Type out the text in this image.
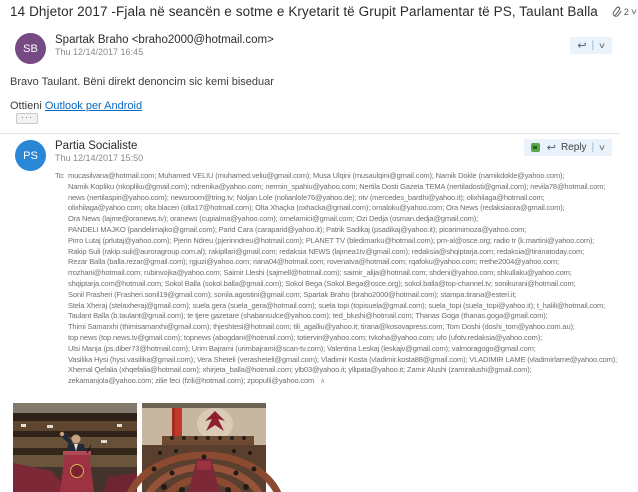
14 Dhjetor 2017 -Fjala në seancën e sotme e Kryetarit të Grupit Parlamentar të PS, Taulant Balla	2 ∨
SB
Spartak Braho <braho2000@hotmail.com>
Thu 12/14/2017 16:45
↩ | ∨
Bravo Taulant. Bëni direkt denoncim sic kemi biseduar
Ottieni Outlook per Android
···
PS
Partia Socialiste
Thu 12/14/2017 15:50
↩ Reply | ∨
To: mucasilvana@hotmail.com; Muhamed VELIU (muhamed.veliu@gmail.com); Musa Ulqini (musaulqini@gmail.com); Namik Dokle (namikdokle@yahoo.com);
Namik Kopliku (nkopliku@gmail.com); ndrenika@yahoo.com; nermin_spahiu@yahoo.com; Nertila Dosti Gazeta TEMA (nertiladosti@gmail.com); nevila78@hotmail.com;
news (nertilaspiri@yahoo.com); newsroom@tring.tv; Noljan Lole (nolianlole76@yahoo.de); ntv (mercedes_bardhi@yahoo.it); olixhilaga@hotmail.com;
olixhilaga@yahoo.com; olta blaceri (olta17@hotmail.com); Olta Xhaçka (oxhacka@gmail.com); omaloku@yahoo.com; Ora News (redaksiaora@gmail.com);
Ora News (lajme@oranews.tv); oranews (cupialma@yahoo.com); ornelamici@gmail.com; Ozi Dedja (osman.dedja@gmail.com);
PANDELI MAJKO (pandelimajko@gmail.com); Parid Cara (caraparid@yahoo.it); Patrik Sadikaj (psadikaj@yahoo.it); picarimimoza@yahoo.com;
Pirro Lutaj (prlutaj@yahoo.com); Pjerin Ndreu (pjerinndreu@hotmail.com); PLANET TV (bledimarku@hotmail.com); pm-al@osce.org; radio tr (k.martini@yahoo.com);
Rakip Suli (rakip.suli@auroragroup.com.al); rakipllari@gmail.com; redaksia NEWS (lajmea1tv@gmail.com); redaksia@shqiptarja.com; redaksia@tiranatoday.com;
Rezar Balla (balla.rezar@gmail.com); rgjuzi@yahoo.com; riana04@hotmail.com; rovenatva@hotmail.com; rqafoku@yahoo.com; rrethe2004@yahoo.com;
rrozhani@hotmail.com; rubinvojka@yahoo.com; Saimir Lleshi (sajmell@hotmail.com); saimir_alija@hotmail.com; shdeni@yahoo.com; shkullaku@yahoo.com;
shqiptarja.com@hotmail.com; Sokol Balla (sokol.balla@gmail.com); Sokol Bega (Sokol.Bega@osce.org); sokol.balla@top-channel.tv; sonikurani@hotmail.com;
Sonil Frasheri (Frasheri.sonil19@gmail.com); sonila.agostini@gmail.com; Spartak Braho (braho2000@hotmail.com); stampa.tirana@esteri.it;
Stela Xheraj (stelaxheraj@gmail.com); suela gera (suela_gera@hotmail.com); suela topi (topisuela@gmail.com); suela_topi (suela_topi@yahoo.it); t_halili@hotmail.com;
Taulant Balla (b.taulant@gmail.com); te tjere gazetare (shabansulce@yahoo.com); ted_blushi@hotmail.com; Thanas Goga (thanas.goga@gmail.com);
Thimi Samarxhi (thimisamarxhi@gmail.com); thjeshtesi@hotmail.com; tili_agalliu@yahoo.it; tirana@kosovapress.com; Tom Doshi (doshi_tom@yahoo.com.au);
top news (top.news.tv@gmail.com); topnews (abogdani@hotmail.com); totiervin@yahoo.com; tvkoha@yahoo.com; ufo (ufotv.redaksia@yahoo.com);
Ulsi Manja (ps.diber73@hotmail.com); Urim Bajrami (urimbajrami@scan-tv.com); Valentina Leskaj (leskajv@gmail.com); valmoragogo@gmail.com;
Vasilika Hysi (hysi.vasilika@gmail.com); Vera Sheteli (verasheteli@gmail.com); Vladimir Kosta (vladimir.kosta88@gmail.com); VLADIMIR LAME (vladimirlame@yahoo.com);
Xhemal Qefalia (xhqefalia@hotmail.com); xhirjeta_balla@hotmail.com; ylb03@yahoo.it; yllipata@yahoo.it; Zamir Alushi (zamiralushi@gmail.com);
zekamanjola@yahoo.com; zilie feci (fzili@hotmail.com); zpopulli@yahoo.com ∧
